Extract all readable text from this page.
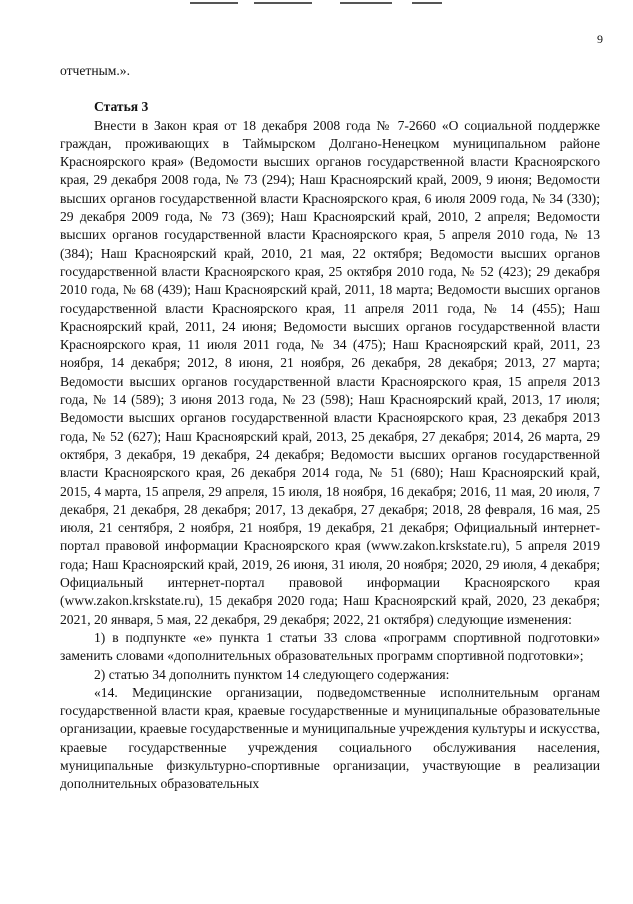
9

отчетным.».

Статья 3

Внести в Закон края от 18 декабря 2008 года № 7-2660 «О социальной поддержке граждан, проживающих в Таймырском Долгано-Ненецком муниципальном районе Красноярского края» (Ведомости высших органов государственной власти Красноярского края, 29 декабря 2008 года, № 73 (294); Наш Красноярский край, 2009, 9 июня; Ведомости высших органов государственной власти Красноярского края, 6 июля 2009 года, № 34 (330); 29 декабря 2009 года, № 73 (369); Наш Красноярский край, 2010, 2 апреля; Ведомости высших органов государственной власти Красноярского края, 5 апреля 2010 года, № 13 (384); Наш Красноярский край, 2010, 21 мая, 22 октября; Ведомости высших органов государственной власти Красноярского края, 25 октября 2010 года, № 52 (423); 29 декабря 2010 года, № 68 (439); Наш Красноярский край, 2011, 18 марта; Ведомости высших органов государственной власти Красноярского края, 11 апреля 2011 года, № 14 (455); Наш Красноярский край, 2011, 24 июня; Ведомости высших органов государственной власти Красноярского края, 11 июля 2011 года, № 34 (475); Наш Красноярский край, 2011, 23 ноября, 14 декабря; 2012, 8 июня, 21 ноября, 26 декабря, 28 декабря; 2013, 27 марта; Ведомости высших органов государственной власти Красноярского края, 15 апреля 2013 года, № 14 (589); 3 июня 2013 года, № 23 (598); Наш Красноярский край, 2013, 17 июля; Ведомости высших органов государственной власти Красноярского края, 23 декабря 2013 года, № 52 (627); Наш Красноярский край, 2013, 25 декабря, 27 декабря; 2014, 26 марта, 29 октября, 3 декабря, 19 декабря, 24 декабря; Ведомости высших органов государственной власти Красноярского края, 26 декабря 2014 года, № 51 (680); Наш Красноярский край, 2015, 4 марта, 15 апреля, 29 апреля, 15 июля, 18 ноября, 16 декабря; 2016, 11 мая, 20 июля, 7 декабря, 21 декабря, 28 декабря; 2017, 13 декабря, 27 декабря; 2018, 28 февраля, 16 мая, 25 июля, 21 сентября, 2 ноября, 21 ноября, 19 декабря, 21 декабря; Официальный интернет-портал правовой информации Красноярского края (www.zakon.krskstate.ru), 5 апреля 2019 года; Наш Красноярский край, 2019, 26 июня, 31 июля, 20 ноября; 2020, 29 июля, 4 декабря; Официальный интернет-портал правовой информации Красноярского края (www.zakon.krskstate.ru), 15 декабря 2020 года; Наш Красноярский край, 2020, 23 декабря; 2021, 20 января, 5 мая, 22 декабря, 29 декабря; 2022, 21 октября) следующие изменения:

1) в подпункте «е» пункта 1 статьи 33 слова «программ спортивной подготовки» заменить словами «дополнительных образовательных программ спортивной подготовки»;

2) статью 34 дополнить пунктом 14 следующего содержания:

«14. Медицинские организации, подведомственные исполнительным органам государственной власти края, краевые государственные и муниципальные образовательные организации, краевые государственные и муниципальные учреждения культуры и искусства, краевые государственные учреждения социального обслуживания населения, муниципальные физкультурно-спортивные организации, участвующие в реализации дополнительных образовательных
